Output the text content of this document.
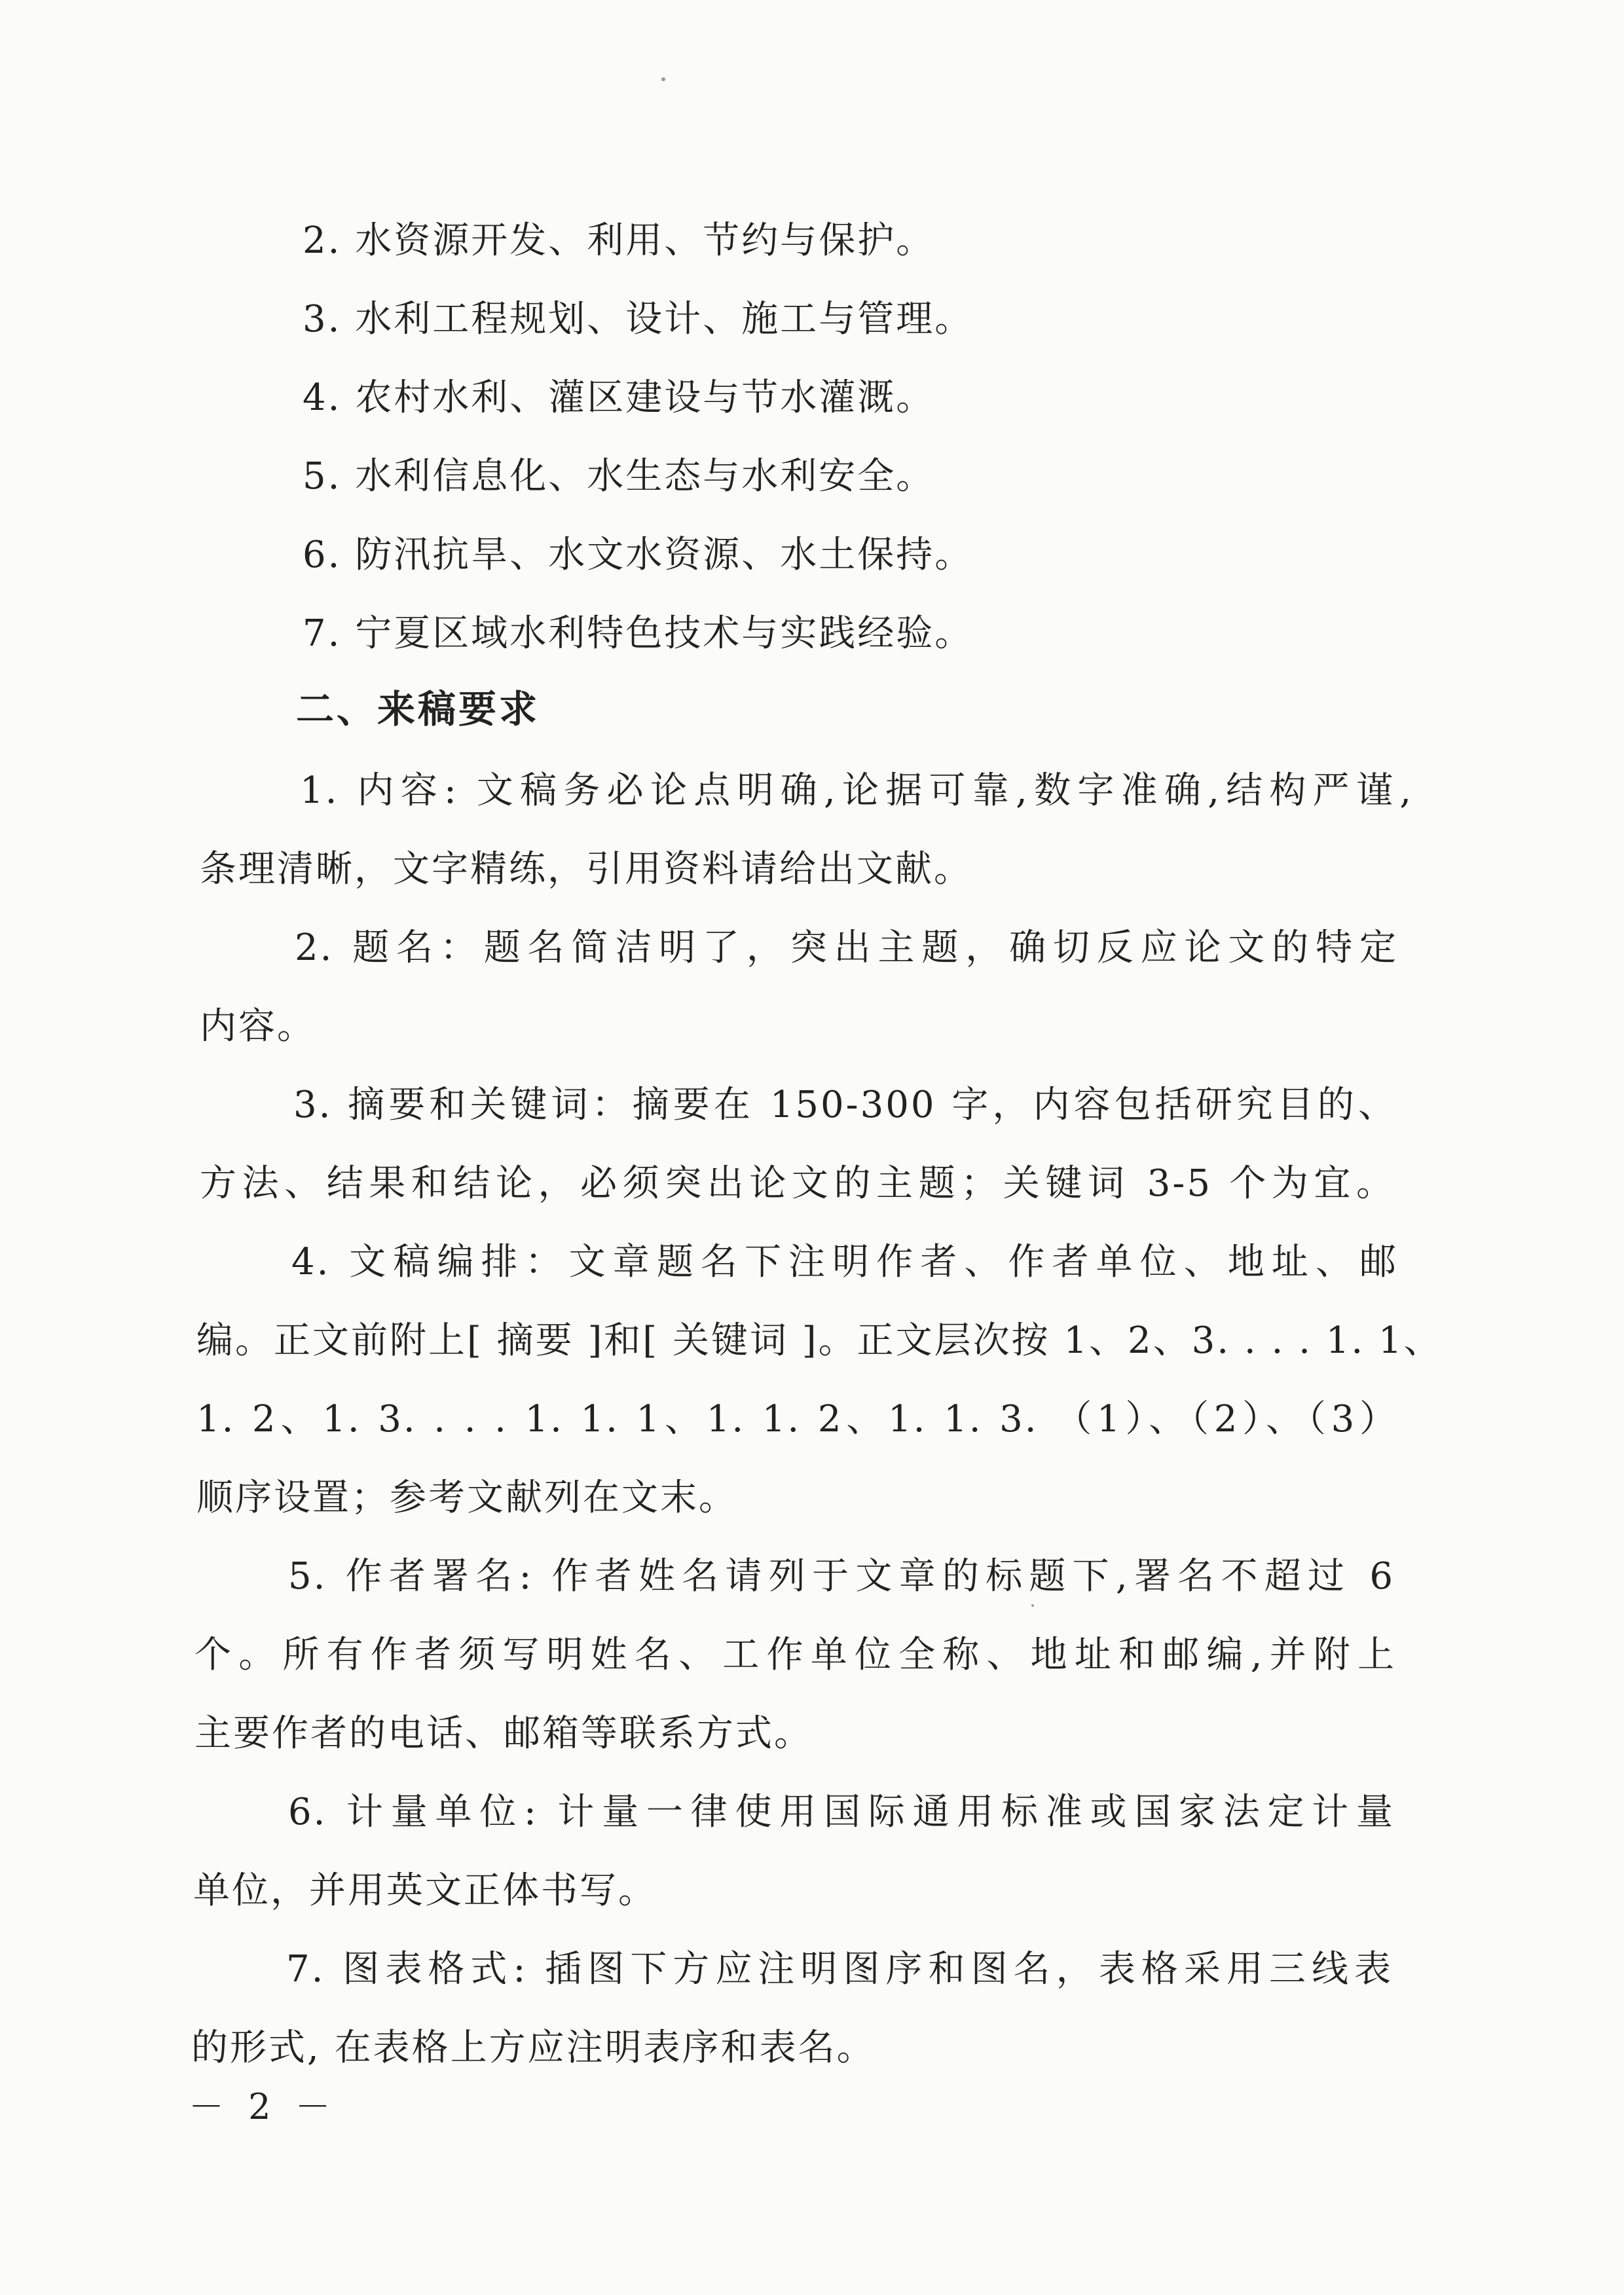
2. 水资源开发、利用、节约与保护。
3. 水利工程规划、设计、施工与管理。
4. 农村水利、灌区建设与节水灌溉。
5. 水利信息化、水生态与水利安全。
6. 防汛抗旱、水文水资源、水土保持。
7. 宁夏区域水利特色技术与实践经验。
二、来稿要求
1. 内容: 文稿务必论点明确,论据可靠,数字准确,结构严谨,
条理清晰，文字精练，引用资料请给出文献。
2. 题名：题名简洁明了，突出主题，确切反应论文的特定
内容。
3. 摘要和关键词：摘要在 150-300 字，内容包括研究目的、
方法、结果和结论，必须突出论文的主题；关键词 3-5 个为宜。
4. 文稿编排：文章题名下注明作者、作者单位、地址、邮
编。正文前附上[ 摘要 ]和[ 关键词 ]。正文层次按 1、2、3. . . . 1. 1、
1. 2、1. 3. . . . 1. 1. 1、1. 1. 2、1. 1. 3. （1）、（2）、（3）
顺序设置；参考文献列在文末。
5. 作者署名: 作者姓名请列于文章的标题下,署名不超过 6
个。所有作者须写明姓名、工作单位全称、地址和邮编,并附上
主要作者的电话、邮箱等联系方式。
6. 计量单位: 计量一律使用国际通用标准或国家法定计量
单位，并用英文正体书写。
7. 图表格式: 插图下方应注明图序和图名，表格采用三线表
的形式, 在表格上方应注明表序和表名。
－ 2 －
